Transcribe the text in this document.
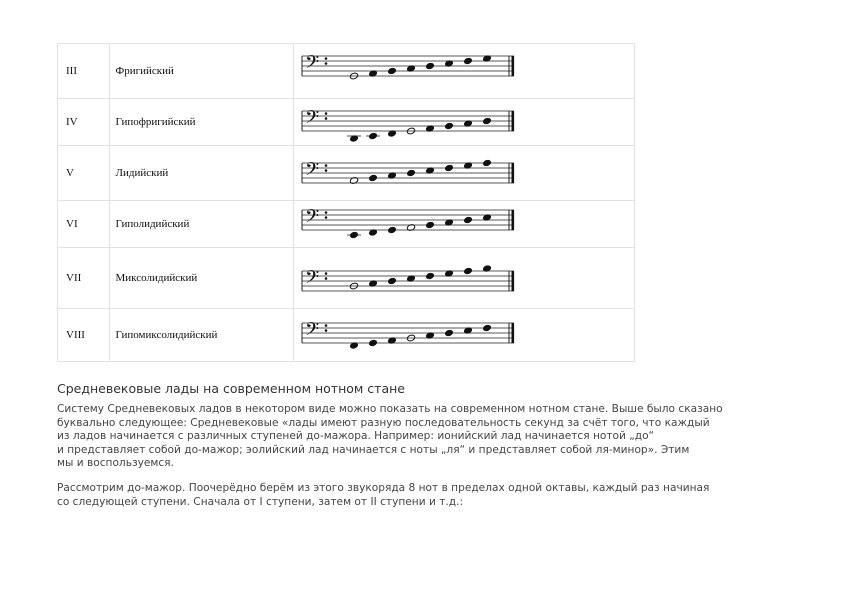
III	Фригийский	𝄢

IV	Гипофригийский	𝄢

V	Лидийский	𝄢

VI	Гиполидийский	𝄢

VII	Миксолидийский	𝄢

VIII	Гипомиксолидийский	𝄢
Средневековые лады на современном нотном стане

Систему Средневековых ладов в некотором виде можно показать на современном нотном стане. Выше было сказано
буквально следующее: Средневековые «лады имеют разную последовательность секунд за счёт того, что каждый
из ладов начинается с различных ступеней до-мажора. Например: ионийский лад начинается нотой „до“
и представляет собой до-мажор; эолийский лад начинается с ноты „ля“ и представляет собой ля-минор». Этим
мы и воспользуемся.

Рассмотрим до-мажор. Поочерёдно берём из этого звукоряда 8 нот в пределах одной октавы, каждый раз начиная
со следующей ступени. Сначала от I ступени, затем от II ступени и т.д.:
